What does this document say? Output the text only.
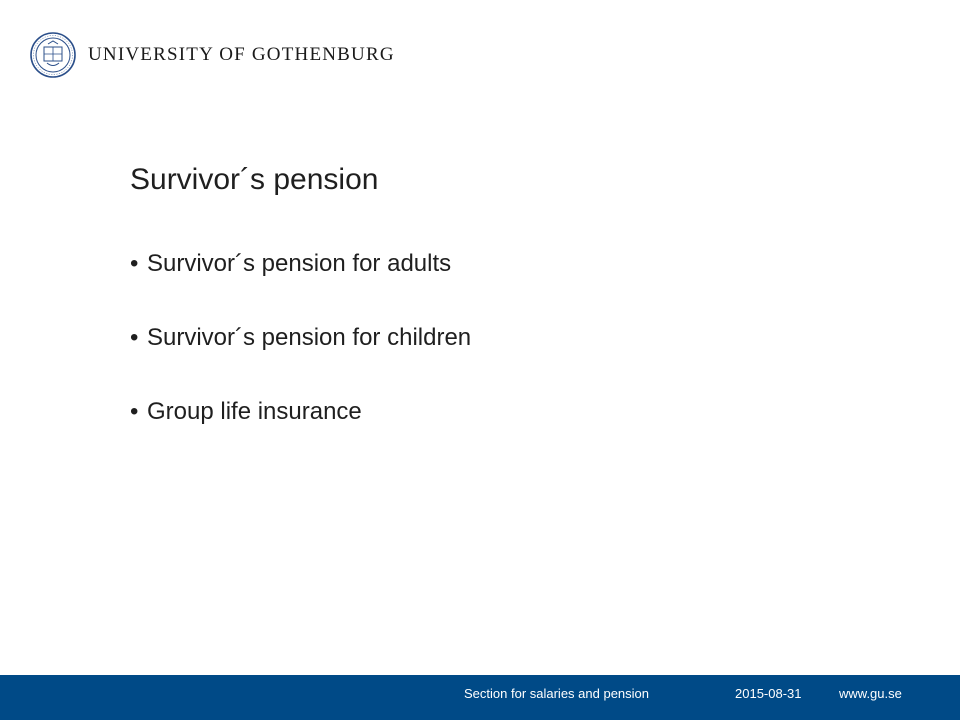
UNIVERSITY OF GOTHENBURG
Survivor´s pension
• Survivor´s pension for adults
• Survivor´s pension for children
• Group life insurance
Section for salaries and pension	2015-08-31	www.gu.se
